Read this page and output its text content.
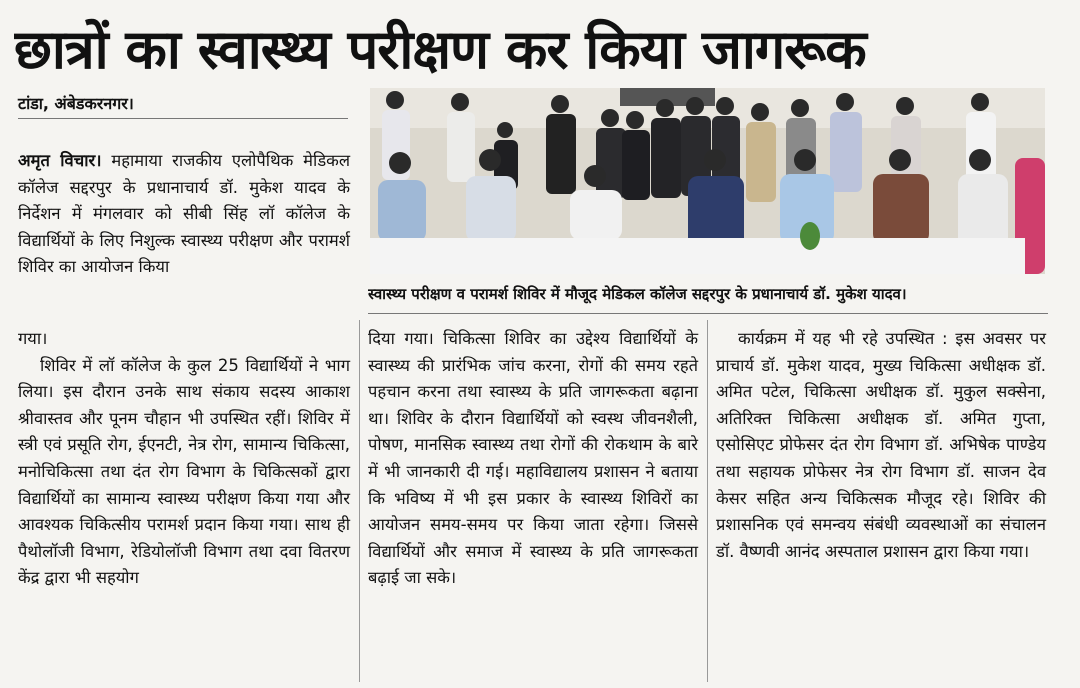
छात्रों का स्वास्थ्य परीक्षण कर किया जागरूक
टांडा, अंबेडकरनगर।

अमृत विचार। महामाया राजकीय एलोपैथिक मेडिकल कॉलेज सद्दरपुर के प्रधानाचार्य डॉ. मुकेश यादव के निर्देशन में मंगलवार को सीबी सिंह लॉ कॉलेज के विद्यार्थियों के लिए निशुल्क स्वास्थ्य परीक्षण और परामर्श शिविर का आयोजन किया

गया।

शिविर में लॉ कॉलेज के कुल 25 विद्यार्थियों ने भाग लिया। इस दौरान उनके साथ संकाय सदस्य आकाश श्रीवास्तव और पूनम चौहान भी उपस्थित रहीं। शिविर में स्त्री एवं प्रसूति रोग, ईएनटी, नेत्र रोग, सामान्य चिकित्सा, मनोचिकित्सा तथा दंत रोग विभाग के चिकित्सकों द्वारा विद्यार्थियों का सामान्य स्वास्थ्य परीक्षण किया गया और आवश्यक चिकित्सीय परामर्श प्रदान किया गया। साथ ही पैथोलॉजी विभाग, रेडियोलॉजी विभाग तथा दवा वितरण केंद्र द्वारा भी सहयोग

स्वास्थ्य परीक्षण व परामर्श शिविर में मौजूद मेडिकल कॉलेज सद्दरपुर के प्रधानाचार्य डॉ. मुकेश यादव।

दिया गया। चिकित्सा शिविर का उद्देश्य विद्यार्थियों के स्वास्थ्य की प्रारंभिक जांच करना, रोगों की समय रहते पहचान करना तथा स्वास्थ्य के प्रति जागरूकता बढ़ाना था। शिविर के दौरान विद्यार्थियों को स्वस्थ जीवनशैली, पोषण, मानसिक स्वास्थ्य तथा रोगों की रोकथाम के बारे में भी जानकारी दी गई। महाविद्यालय प्रशासन ने बताया कि भविष्य में भी इस प्रकार के स्वास्थ्य शिविरों का आयोजन समय-समय पर किया जाता रहेगा। जिससे विद्यार्थियों और समाज में स्वास्थ्य के प्रति जागरूकता बढ़ाई जा सके।

कार्यक्रम में यह भी रहे उपस्थित : इस अवसर पर प्राचार्य डॉ. मुकेश यादव, मुख्य चिकित्सा अधीक्षक डॉ. अमित पटेल, चिकित्सा अधीक्षक डॉ. मुकुल सक्सेना, अतिरिक्त चिकित्सा अधीक्षक डॉ. अमित गुप्ता, एसोसिएट प्रोफेसर दंत रोग विभाग डॉ. अभिषेक पाण्डेय तथा सहायक प्रोफेसर नेत्र रोग विभाग डॉ. साजन देव केसर सहित अन्य चिकित्सक मौजूद रहे। शिविर की प्रशासनिक एवं समन्वय संबंधी व्यवस्थाओं का संचालन डॉ. वैष्णवी आनंद अस्पताल प्रशासन द्वारा किया गया।
